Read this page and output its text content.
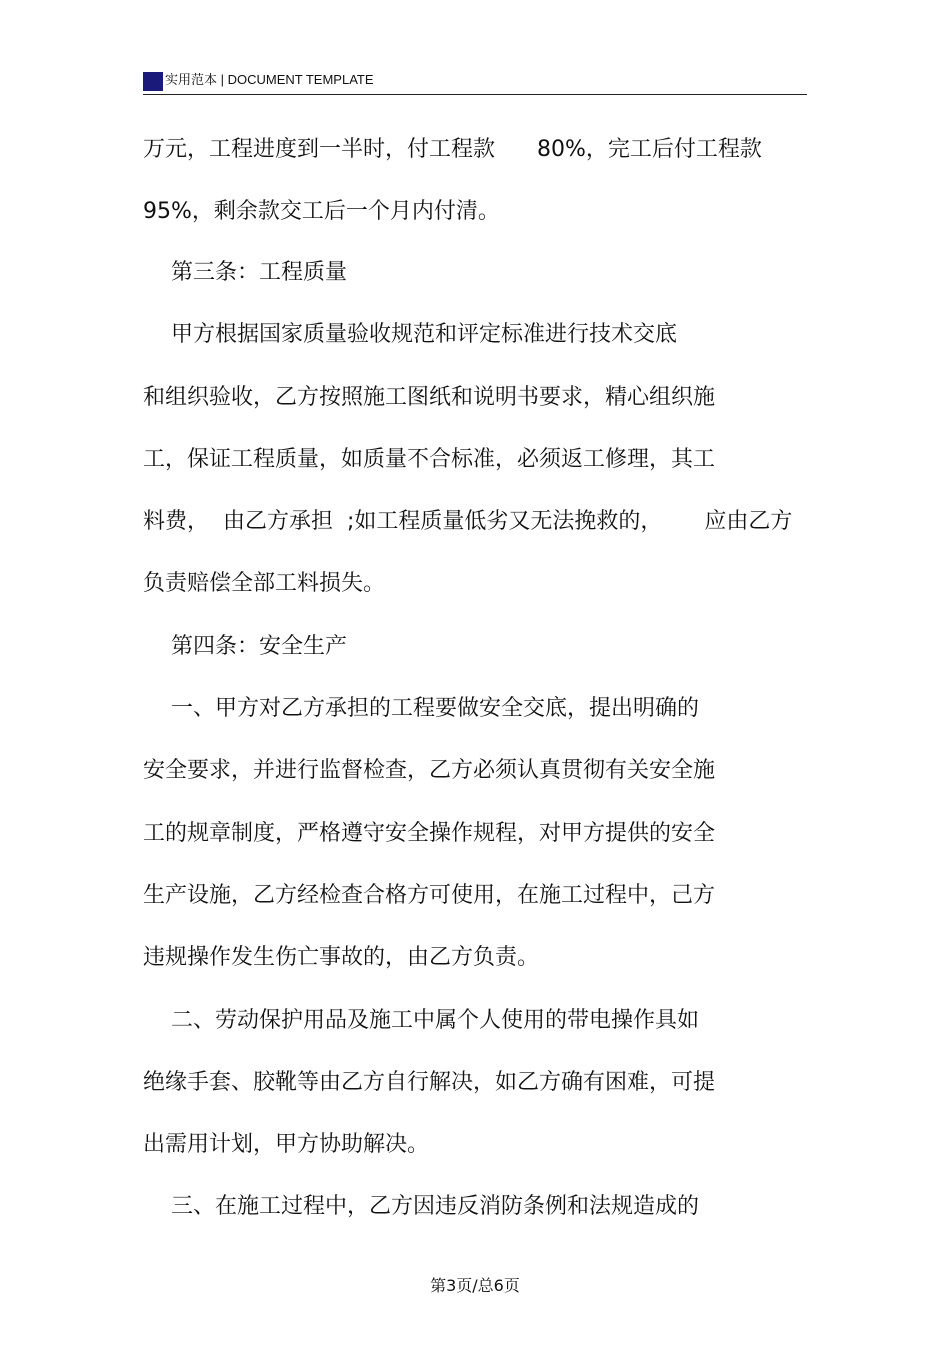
实用范本 | DOCUMENT TEMPLATE
万元，工程进度到一半时，付工程款      80%，完工后付工程款
95%，剩余款交工后一个月内付清。
第三条：工程质量
甲方根据国家质量验收规范和评定标准进行技术交底
和组织验收，乙方按照施工图纸和说明书要求，精心组织施
工，保证工程质量，如质量不合标准，必须返工修理，其工
料费，  由乙方承担  ;如工程质量低劣又无法挽救的，      应由乙方
负责赔偿全部工料损失。
第四条：安全生产
一、甲方对乙方承担的工程要做安全交底，提出明确的
安全要求，并进行监督检查，乙方必须认真贯彻有关安全施
工的规章制度，严格遵守安全操作规程，对甲方提供的安全
生产设施，乙方经检查合格方可使用，在施工过程中，己方
违规操作发生伤亡事故的，由乙方负责。
二、劳动保护用品及施工中属个人使用的带电操作具如
绝缘手套、胶靴等由乙方自行解决，如乙方确有困难，可提
出需用计划，甲方协助解决。
三、在施工过程中，乙方因违反消防条例和法规造成的
第3页/总6页
